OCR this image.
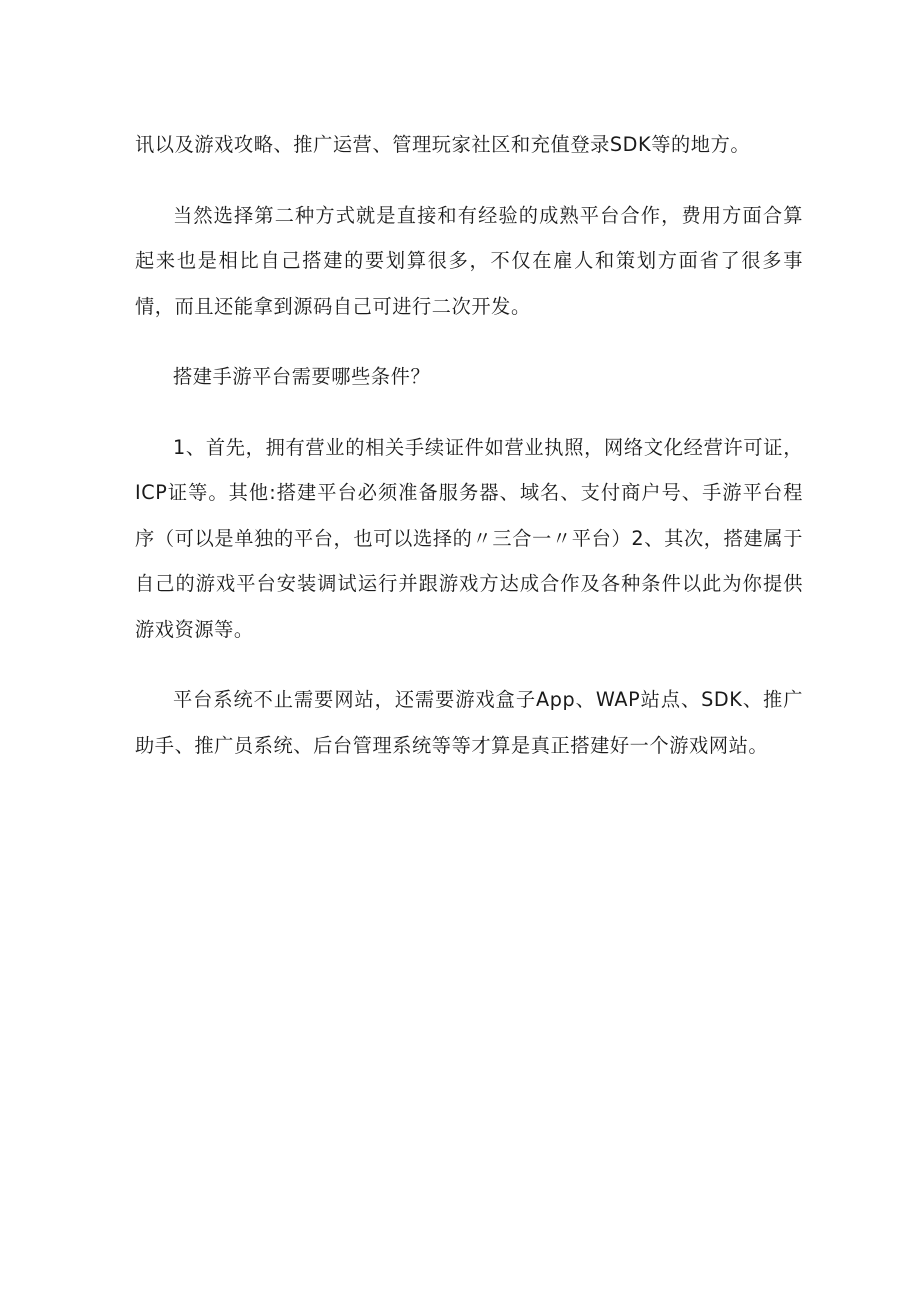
讯以及游戏攻略、推广运营、管理玩家社区和充值登录SDK等的地方。

当然选择第二种方式就是直接和有经验的成熟平台合作，费用方面合算起来也是相比自己搭建的要划算很多，不仅在雇人和策划方面省了很多事情，而且还能拿到源码自己可进行二次开发。

搭建手游平台需要哪些条件？

1、首先，拥有营业的相关手续证件如营业执照，网络文化经营许可证，ICP证等。其他:搭建平台必须准备服务器、域名、支付商户号、手游平台程序（可以是单独的平台，也可以选择的〃三合一〃平台）2、其次，搭建属于自己的游戏平台安装调试运行并跟游戏方达成合作及各种条件以此为你提供游戏资源等。

平台系统不止需要网站，还需要游戏盒子App、WAP站点、SDK、推广助手、推广员系统、后台管理系统等等才算是真正搭建好一个游戏网站。
